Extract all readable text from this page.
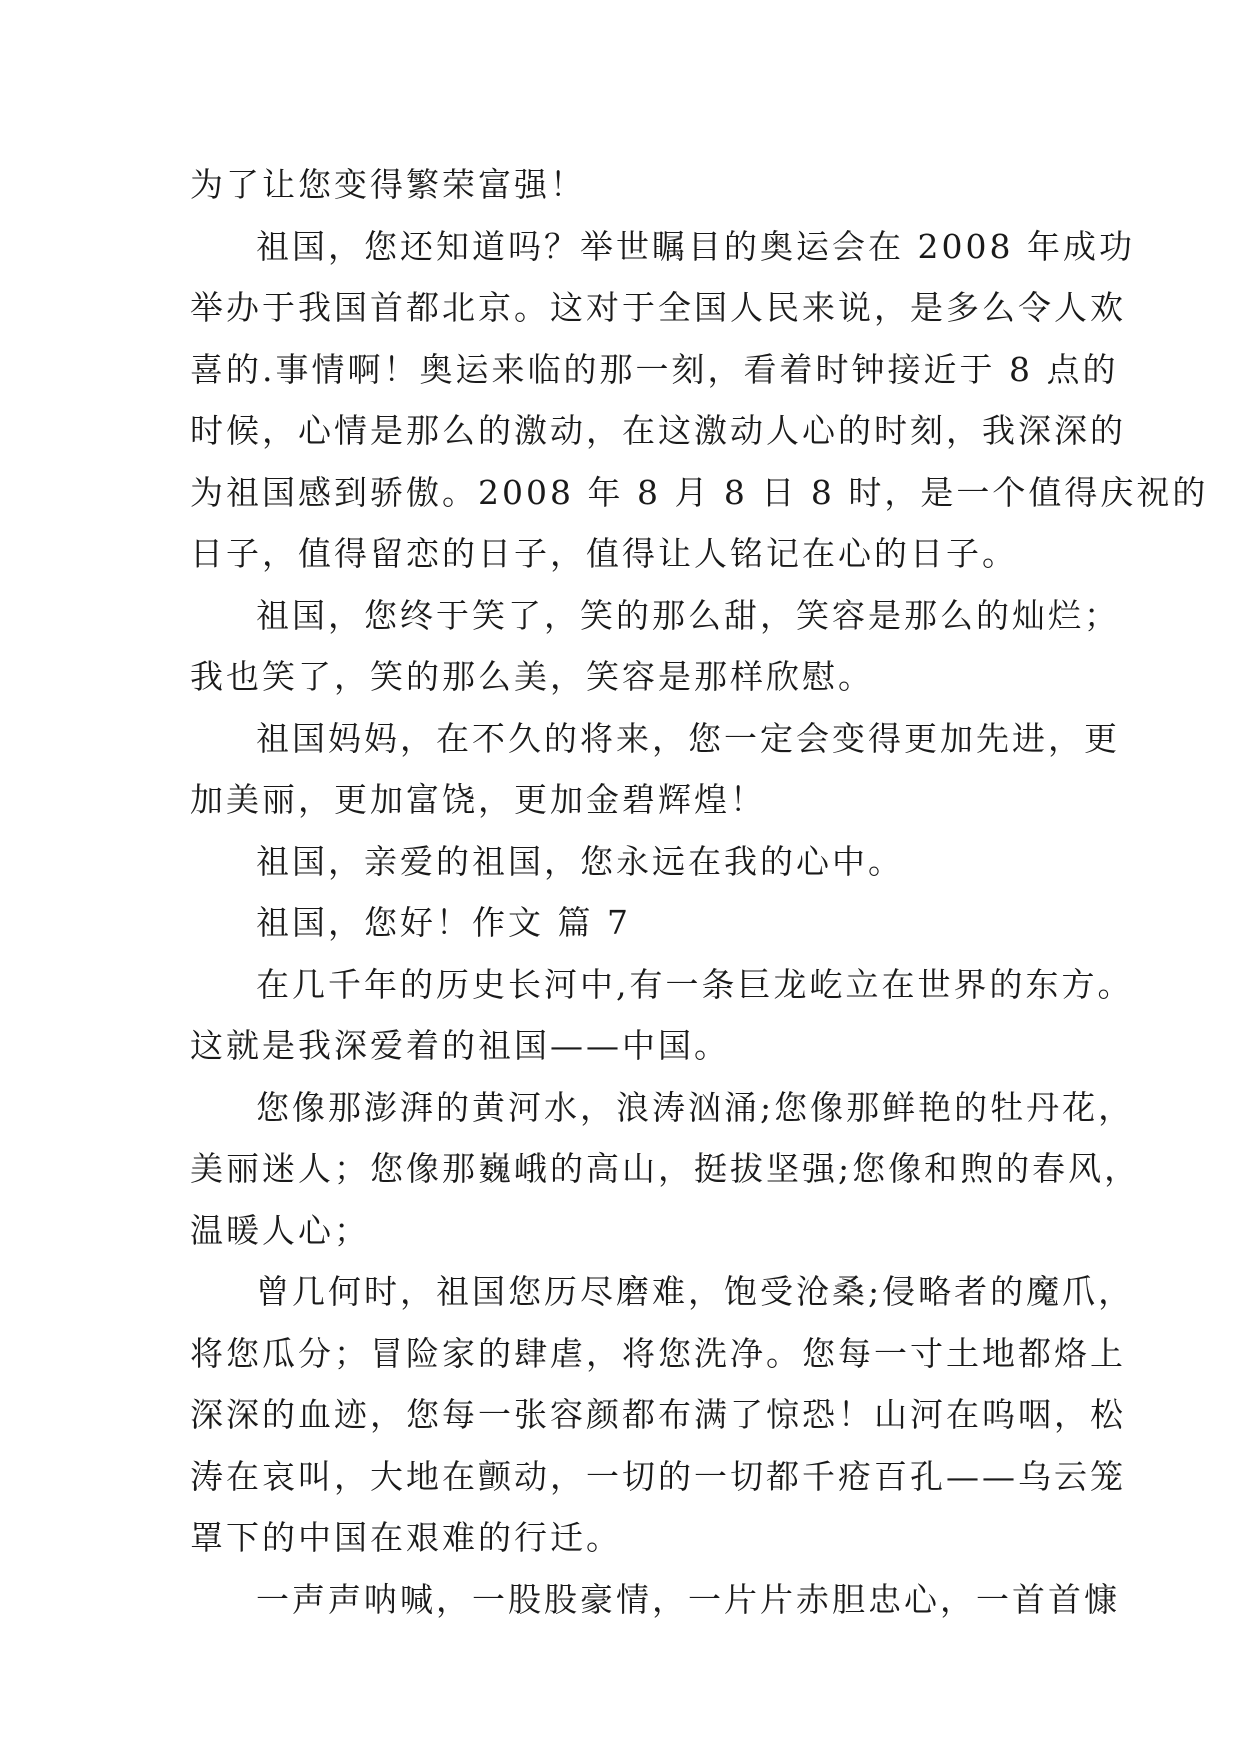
为了让您变得繁荣富强！
祖国，您还知道吗？举世瞩目的奥运会在 2008 年成功
举办于我国首都北京。这对于全国人民来说，是多么令人欢
喜的.事情啊！奥运来临的那一刻，看着时钟接近于 8 点的
时候，心情是那么的激动，在这激动人心的时刻，我深深的
为祖国感到骄傲。2008 年 8 月 8 日 8 时，是一个值得庆祝的
日子，值得留恋的日子，值得让人铭记在心的日子。
祖国，您终于笑了，笑的那么甜，笑容是那么的灿烂；
我也笑了，笑的那么美，笑容是那样欣慰。
祖国妈妈，在不久的将来，您一定会变得更加先进，更
加美丽，更加富饶，更加金碧辉煌！
祖国，亲爱的祖国，您永远在我的心中。
祖国，您好！作文 篇 7
在几千年的历史长河中,有一条巨龙屹立在世界的东方。
这就是我深爱着的祖国——中国。
您像那澎湃的黄河水，浪涛汹涌;您像那鲜艳的牡丹花，
美丽迷人；您像那巍峨的高山，挺拔坚强;您像和煦的春风，
温暖人心；
曾几何时，祖国您历尽磨难，饱受沧桑;侵略者的魔爪，
将您瓜分；冒险家的肆虐，将您洗净。您每一寸土地都烙上
深深的血迹，您每一张容颜都布满了惊恐！山河在呜咽，松
涛在哀叫，大地在颤动，一切的一切都千疮百孔——乌云笼
罩下的中国在艰难的行迁。
一声声呐喊，一股股豪情，一片片赤胆忠心，一首首慷
